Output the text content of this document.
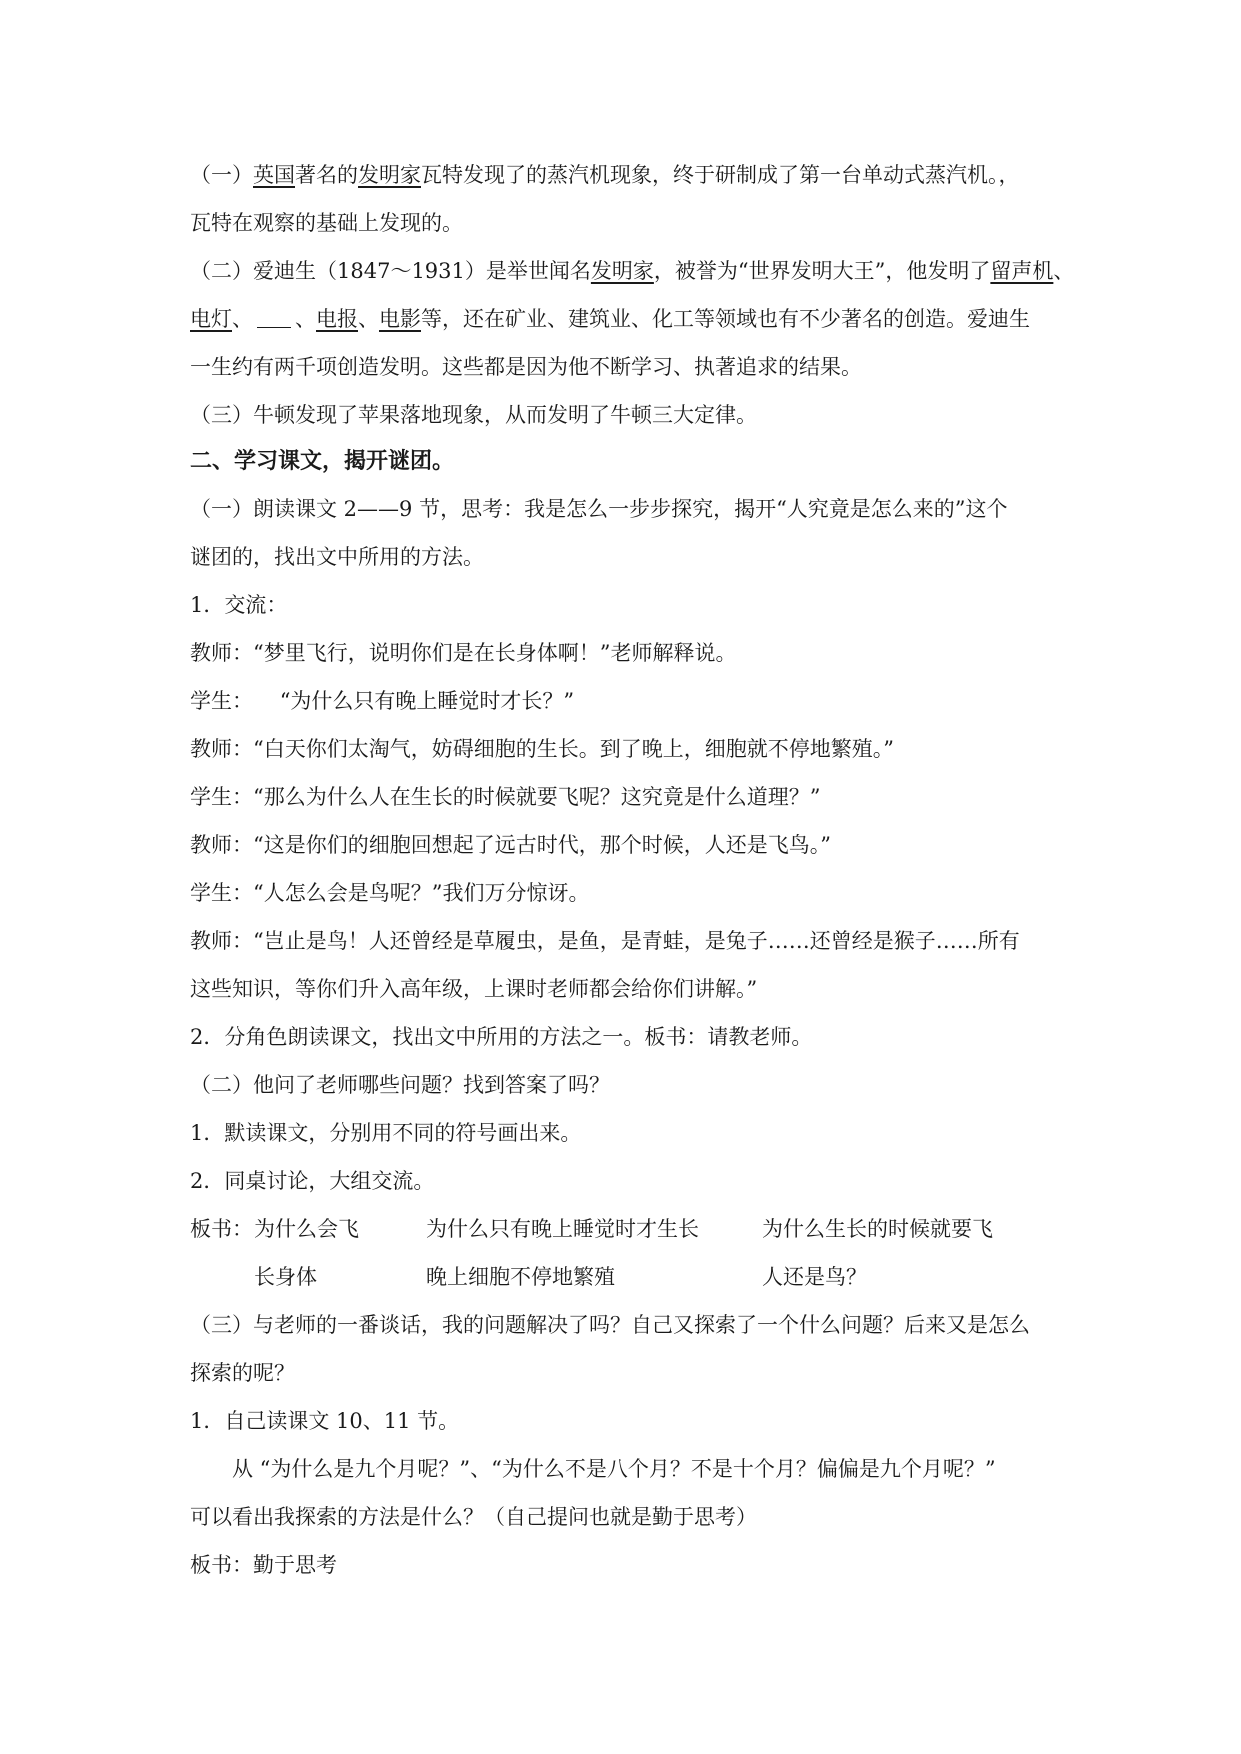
（一）英国著名的发明家瓦特发现了的蒸汽机现象，终于研制成了第一台单动式蒸汽机。，
瓦特在观察的基础上发现的。
（二）爱迪生（1847～1931）是举世闻名发明家，被誉为“世界发明大王”，他发明了留声机、
电灯、 、电报、电影等，还在矿业、建筑业、化工等领域也有不少著名的创造。爱迪生
一生约有两千项创造发明。这些都是因为他不断学习、执著追求的结果。
（三）牛顿发现了苹果落地现象，从而发明了牛顿三大定律。
二、学习课文，揭开谜团。
（一）朗读课文 2——9 节，思考：我是怎么一步步探究，揭开“人究竟是怎么来的”这个
谜团的，找出文中所用的方法。
1．交流：
教师：“梦里飞行，说明你们是在长身体啊！”老师解释说。
学生：    “为什么只有晚上睡觉时才长？”
教师：“白天你们太淘气，妨碍细胞的生长。到了晚上，细胞就不停地繁殖。”
学生：“那么为什么人在生长的时候就要飞呢？这究竟是什么道理？”
教师：“这是你们的细胞回想起了远古时代，那个时候，人还是飞鸟。”
学生：“人怎么会是鸟呢？”我们万分惊讶。
教师：“岂止是鸟！人还曾经是草履虫，是鱼，是青蛙，是兔子……还曾经是猴子……所有
这些知识，等你们升入高年级，上课时老师都会给你们讲解。”
2．分角色朗读课文，找出文中所用的方法之一。板书：请教老师。
（二）他问了老师哪些问题？找到答案了吗？
1．默读课文，分别用不同的符号画出来。
2．同桌讨论，大组交流。
板书： 为什么会飞	为什么只有晚上睡觉时才生长	为什么生长的时候就要飞
长身体	晚上细胞不停地繁殖	人还是鸟？
（三）与老师的一番谈话，我的问题解决了吗？自己又探索了一个什么问题？后来又是怎么
探索的呢？
1．自己读课文 10、11 节。
从 “为什么是九个月呢？”、“为什么不是八个月？不是十个月？偏偏是九个月呢？”
可以看出我探索的方法是什么？（自己提问也就是勤于思考）
板书：勤于思考
